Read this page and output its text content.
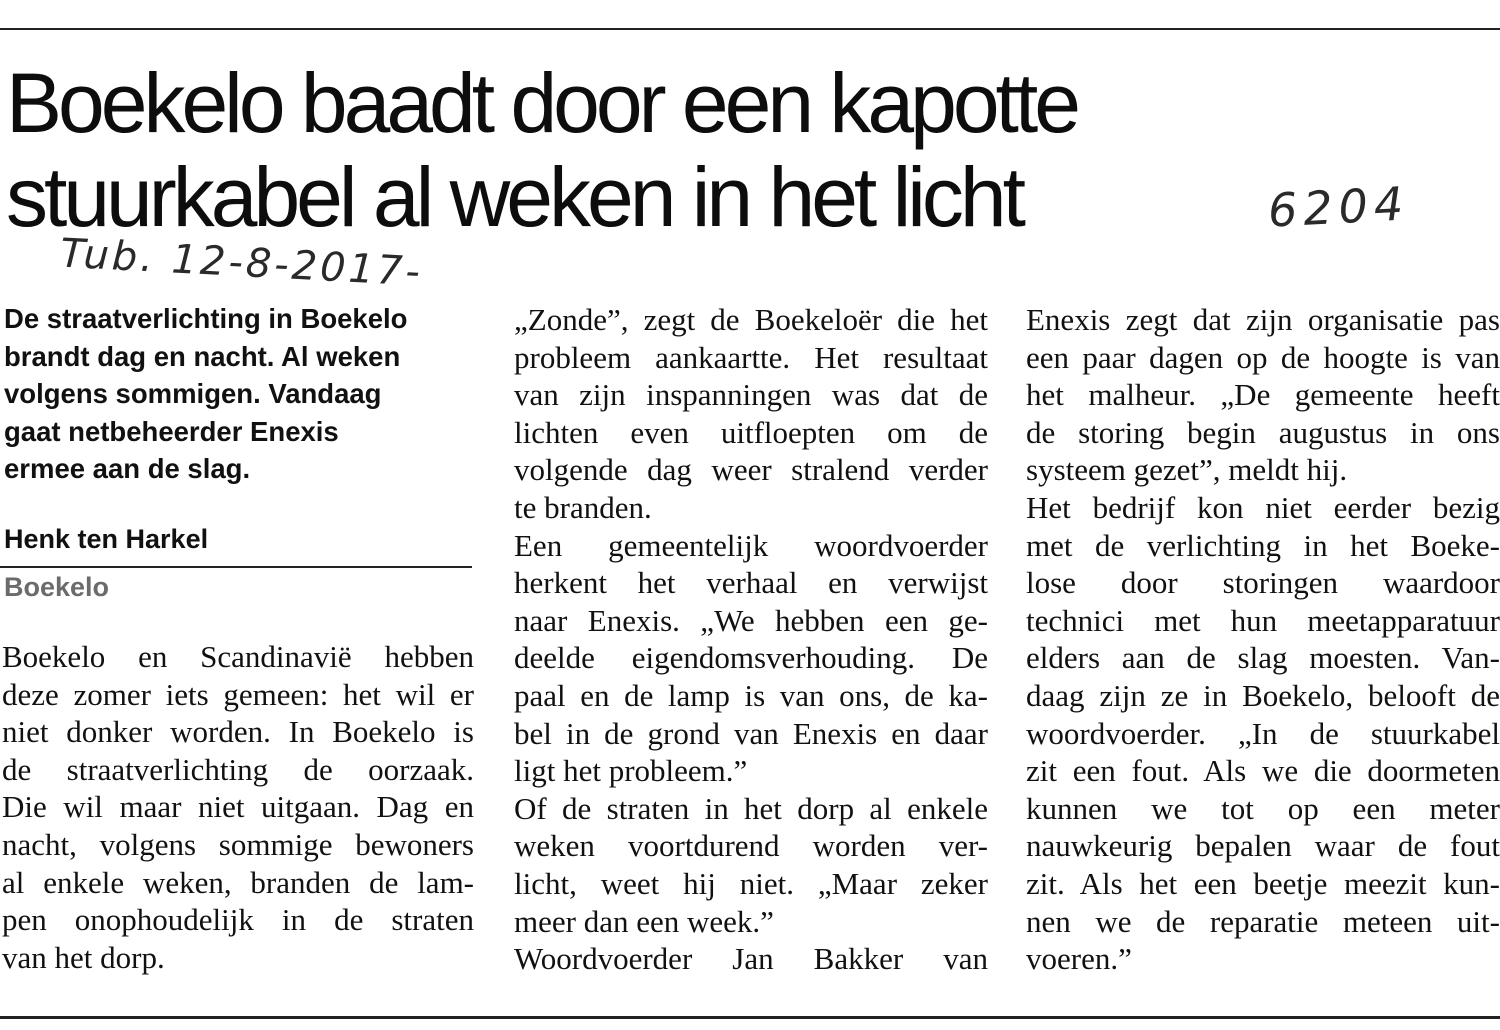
Boekelo baadt door een kapotte
stuurkabel al weken in het licht	6204
Tub. 12-8-2017-

De straatverlichting in Boekelo
brandt dag en nacht. Al weken
volgens sommigen. Vandaag
gaat netbeheerder Enexis
ermee aan de slag.

Henk ten Harkel
Boekelo

Boekelo en Scandinavië hebben
deze zomer iets gemeen: het wil er
niet donker worden. In Boekelo is
de straatverlichting de oorzaak.
Die wil maar niet uitgaan. Dag en
nacht, volgens sommige bewoners
al enkele weken, branden de lam-
pen onophoudelijk in de straten
van het dorp.

„Zonde”, zegt de Boekeloër die het
probleem aankaartte. Het resultaat
van zijn inspanningen was dat de
lichten even uitfloepten om de
volgende dag weer stralend verder
te branden.
Een gemeentelijk woordvoerder
herkent het verhaal en verwijst
naar Enexis. „We hebben een ge-
deelde eigendomsverhouding. De
paal en de lamp is van ons, de ka-
bel in de grond van Enexis en daar
ligt het probleem.”
Of de straten in het dorp al enkele
weken voortdurend worden ver-
licht, weet hij niet. „Maar zeker
meer dan een week.”
Woordvoerder Jan Bakker van

Enexis zegt dat zijn organisatie pas
een paar dagen op de hoogte is van
het malheur. „De gemeente heeft
de storing begin augustus in ons
systeem gezet”, meldt hij.
Het bedrijf kon niet eerder bezig
met de verlichting in het Boeke-
lose door storingen waardoor
technici met hun meetapparatuur
elders aan de slag moesten. Van-
daag zijn ze in Boekelo, belooft de
woordvoerder. „In de stuurkabel
zit een fout. Als we die doormeten
kunnen we tot op een meter
nauwkeurig bepalen waar de fout
zit. Als het een beetje meezit kun-
nen we de reparatie meteen uit-
voeren.”
